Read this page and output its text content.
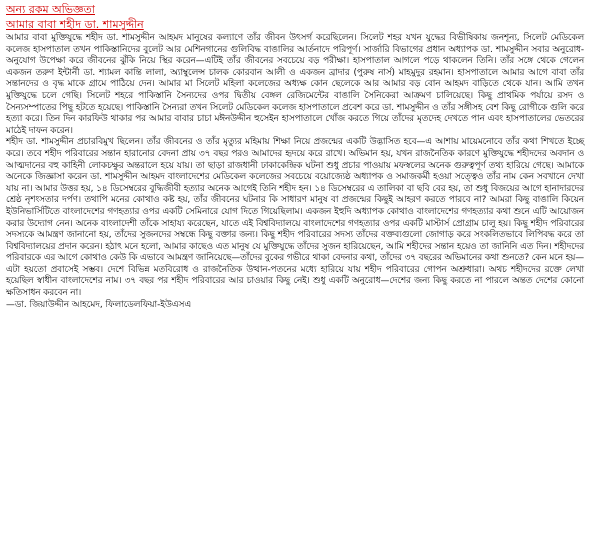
অন্য রকম অভিজ্ঞতা
আমার বাবা শহীদ ডা. শামসুদ্দীন

আমার বাবা মুক্তিযুদ্ধে শহীদ ডা. শামসুদ্দীন আহমদ মানুষের কল্যাণে তাঁর জীবন উৎসর্গ করেছিলেন। সিলেট শহর যখন যুদ্ধের বিভীষিকায় জনশূন্য, সিলেট মেডিকেল কলেজ হাসপাতাল তখন পাকিস্তানিদের বুলেট আর মেশিনগানের গুলিবিদ্ধ বাঙালির আর্তনাদে পরিপূর্ণ। সার্জারি বিভাগের প্রধান অধ্যাপক ডা. শামসুদ্দীন সবার অনুরোধ-অনুযোগ উপেক্ষা করে জীবনের ঝুঁকি নিয়ে স্থির করেন—এটিই তাঁর জীবনের সবচেয়ে বড় পরীক্ষা। হাসপাতাল আগলে পড়ে থাকলেন তিনি। তাঁর সঙ্গে থেকে গেলেন একজন তরুণ ইন্টার্নী ডা. শ্যামল কান্তি লালা, অ্যাম্বুলেন্স চালক কোরবান আলী ও একজন ব্রাদার (পুরুষ নার্স) মাহমুদুর রহমান। হাসপাতালে আমার আগে বাবা তাঁর সন্তানদের ও বৃদ্ধ মাকে গ্রামে পাঠিয়ে দেন। আমার মা সিলেট মহিলা কলেজের অধ্যক্ষ কোন ছেলেকে আর আমার বড় বোন আহমদ বাড়িতে থেকে যান। আমি তখন মুক্তিযুদ্ধে চলে গেছি। সিলেট শহরে পাকিস্তানি সৈন্যদের ওপর দ্বিতীয় বেঙ্গল রেজিমেন্টের বাঙালি সৈনিকেরা আক্রমণ চালিয়েছে। কিছু প্রাথমিক পর্যায়ে রসদ ও সৈন্যসম্পাতের পিছু হটতে হয়েছে। পাকিস্তানি সৈন্যরা তখন সিলেট মেডিকেল কলেজ হাসপাতালে প্রবেশ করে ডা. শামসুদ্দীন ও তাঁর সঙ্গীসহ বেশ কিছু রোগীকে গুলি করে হত্যা করে। তিন দিন কারফিউ থাকার পর আমার বাবার চাচা মঈনউদ্দীন হুসেইন হাসপাতালে খোঁজ করতে গিয়ে তাঁদের মৃতদেহ দেখতে পান এবং হাসপাতালের ভেতরের মাঠেই দাফন করেন।

শহীদ ডা. শামসুদ্দীন প্রচারবিমুখ ছিলেন। তাঁর জীবনের ও তাঁর মৃত্যুর মহিমায় শিক্ষা নিয়ে প্রজন্মের একটি উদ্ভাসিত হবে—এ আশায় মায়েমনোবে তাঁর কথা শিখতে ইচ্ছে করে। তবে শহীদ পরিবারের সন্তান হারানোর বেদনা প্রায় ৩৭ বছর পরও আমাদের হৃদয়ে করে রাখে। অভিমান হয়, যখন রাজনৈতিক কারণে মুক্তিযুদ্ধে শহীদদের অবদান ও আত্মদানের বহু কাহিনী লোকচক্ষুর অন্তরালে হয়ে যায়। তা ছাড়া রাজধানী ঢাকাকেন্দ্রিক ঘটনা শুধু প্রচার পাওয়ায় মফস্বলের অনেক গুরুত্বপূর্ণ তথ্য হারিয়ে গেছে। আমাকে অনেকে জিজ্ঞাসা করেন ডা. শামসুদ্দীন আহমদ বাংলাদেশের মেডিকেল কলেজের সবচেয়ে বয়োজ্যেষ্ঠ অধ্যাপক ও সমাজকর্মী হওয়া সত্ত্বেও তাঁর নাম কেন সবখানে দেখা যায় না। আমার উত্তর হয়, ১৪ ডিসেম্বরের বুদ্ধিজীবী হত্যার অনেক আগেই তিনি শহীদ হন। ১৪ ডিসেম্বরের এ তালিকা বা ছবি বের হয়, তা শুধু বিজয়ের আগে হানাদারদের শ্রেষ্ঠ নৃশংসতার দর্পণ। তথাপি মনের কোথাও কষ্ট হয়, তাঁর জীবনের ঘটনার কি সাধারণ মানুষ বা প্রজন্মের কিছুই আহরণ করতে পারবে না? আমরা কিছু বাঙালি কিয়েন ইউনিভার্সিটিতে বাংলাদেশের গণহত্যার ওপর একটি সেমিনারে যোগ দিতে গিয়েছিলাম। একজন ইহুদি অধ্যাপক কোথাও বাংলাদেশের গণহত্যার কথা শুনে এটি আয়োজন করার উদ্যোগ নেন। অনেক বাংলাদেশী তাঁকে সাহায্য করেছেন, যাতে এই বিশ্ববিদ্যালয়ে বাংলাদেশের গণহত্যার ওপর একটি মাস্টার্স প্রোগ্রাম চালু হয়। কিছু শহীদ পরিবারের সদস্যকে আমন্ত্রণ জানানো হয়, তাঁদের সুজনদের সম্বন্ধে কিছু বক্তার জন্য। কিছু শহীদ পরিবারের সদস্য তাঁদের বক্তব্যগুলো জোগাড় করে সংকলিতভাবে লিপিবদ্ধ করে তা বিশ্ববিদ্যালয়ের প্রদান করেন। হঠাৎ মনে হলো, আমার কাছেও এত মানুষ যে মুক্তিযুদ্ধে তাঁদের সুজন হারিয়েছেন, আমি শহীদের সন্তান হয়েও তা জানিনি এত দিন। শহীদদের পরিবারকে এর আগে কোথাও কেউ কি এভাবে আমন্ত্রণ জানিয়েছে—তাঁদের বুকের গভীরে থাকা বেদনার কথা, তাঁদের ৩৭ বছরের অভিমানের কথা শুনতে? কেন মনে হয়—এটা হয়তো প্রবাসেই সম্ভব। দেশে বিভিন্ন মতবিরোধ ও রাজনৈতিক উত্থান-পতনের মধ্যে হারিয়ে যায় শহীদ পরিবারের গোপন অশ্রুধারা। অথচ শহীদদের রক্তে লেখা হয়েছিল স্বাধীন বাংলাদেশের নাম। ৩৭ বছর পর শহীদ পরিবারের আর চাওয়ার কিছু নেই। শুধু একটি অনুরোধ—দেশের জন্য কিছু করতে না পারলে অন্তত দেশের কোনো ক্ষতিসাধন করবেন না।

—ডা. জিয়াউদ্দীন আহমেদ, ফিলাডেলফিয়া-ইউএসএ
